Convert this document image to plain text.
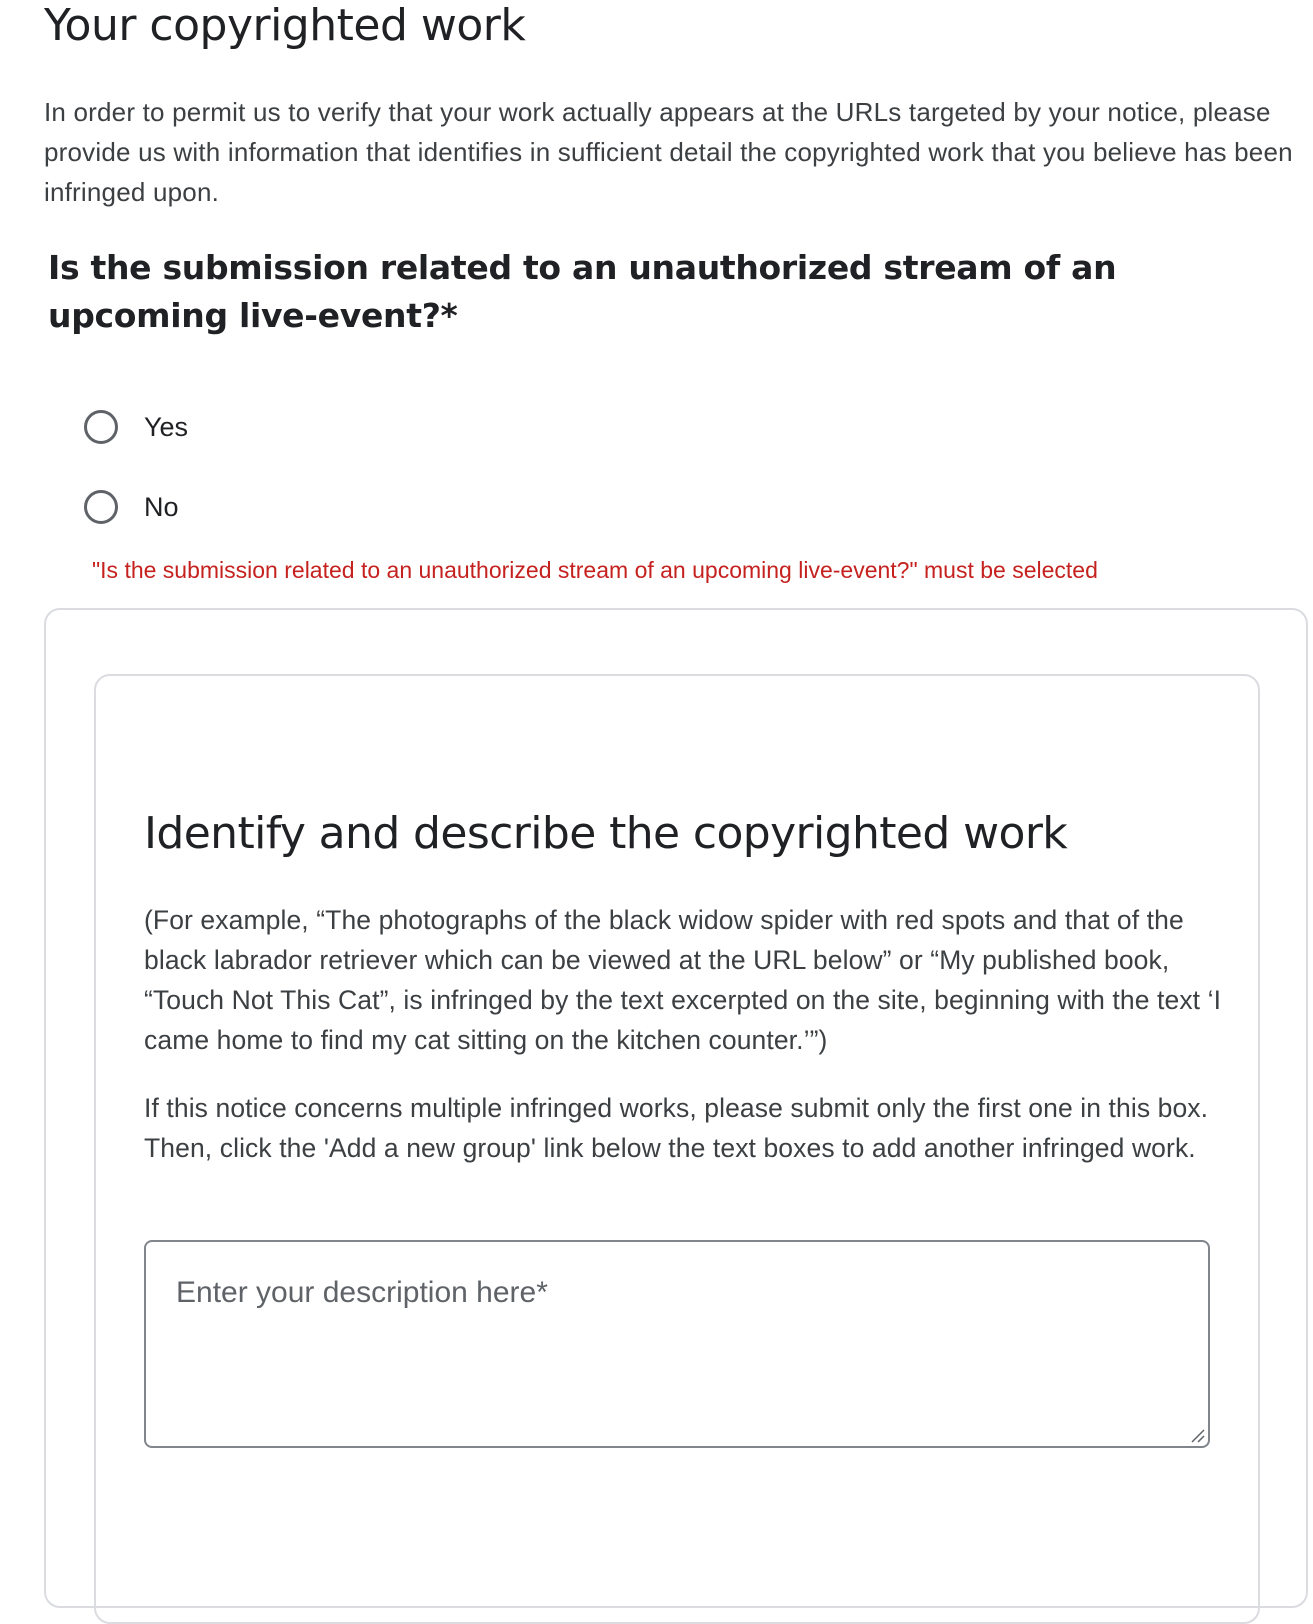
Your copyrighted work

In order to permit us to verify that your work actually appears at the URLs targeted by your notice, please provide us with information that identifies in sufficient detail the copyrighted work that you believe has been infringed upon.

Is the submission related to an unauthorized stream of an upcoming live-event?*
Yes
No

"Is the submission related to an unauthorized stream of an upcoming live-event?" must be selected

Identify and describe the copyrighted work

(For example, “The photographs of the black widow spider with red spots and that of the black labrador retriever which can be viewed at the URL below” or “My published book, “Touch Not This Cat”, is infringed by the text excerpted on the site, beginning with the text ‘I came home to find my cat sitting on the kitchen counter.’”)

If this notice concerns multiple infringed works, please submit only the first one in this box. Then, click the 'Add a new group' link below the text boxes to add another infringed work.

Enter your description here*
